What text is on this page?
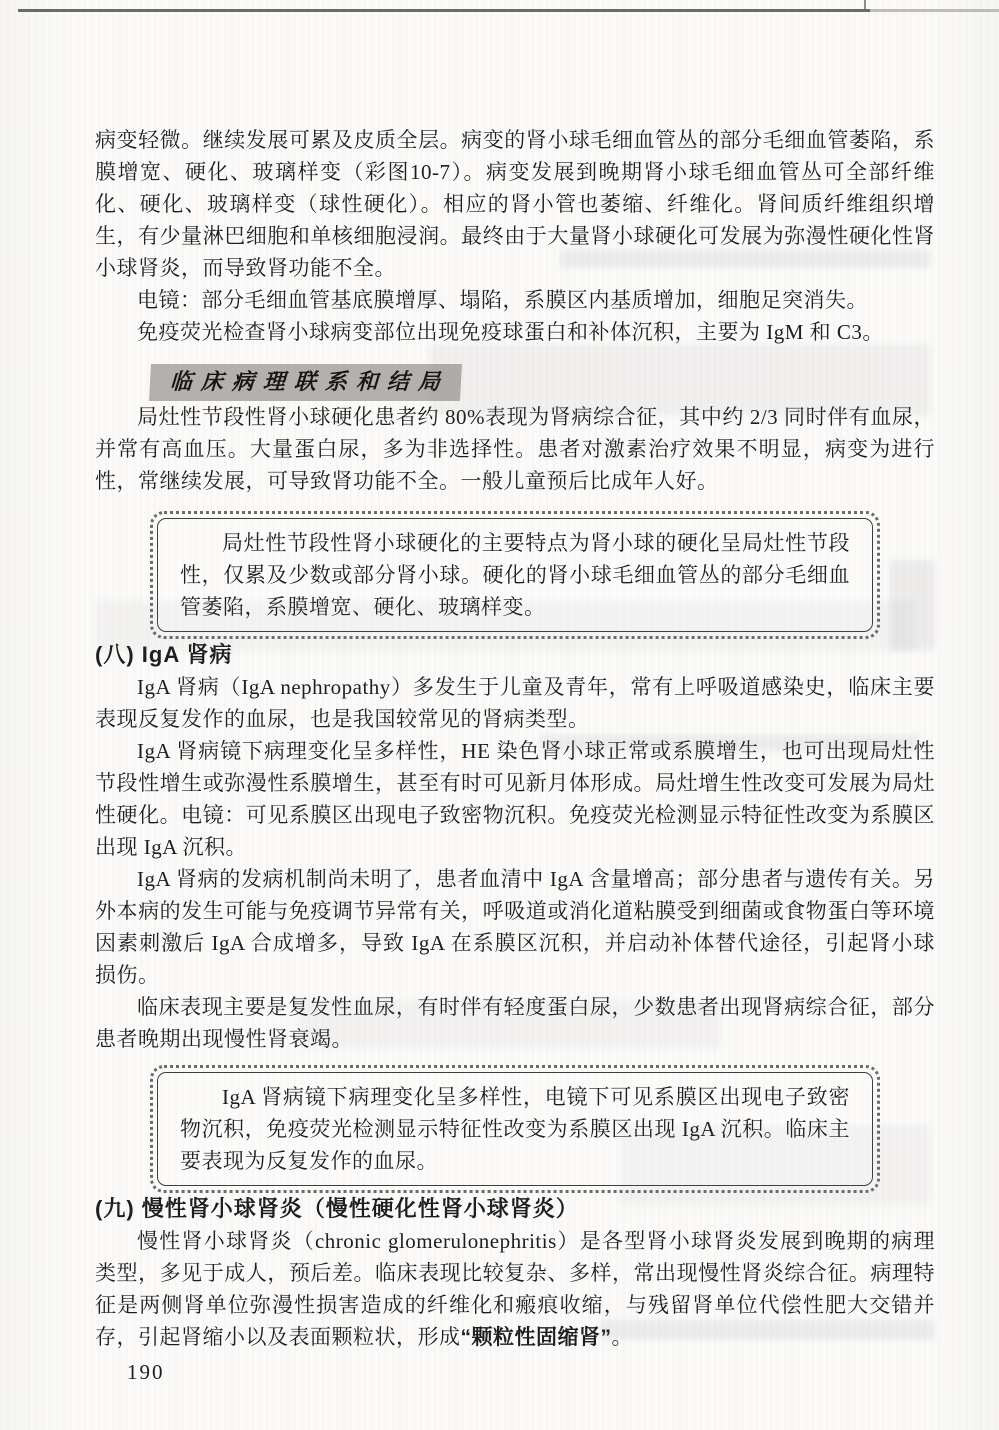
病变轻微。继续发展可累及皮质全层。病变的肾小球毛细血管丛的部分毛细血管萎陷，系膜增宽、硬化、玻璃样变（彩图10-7）。病变发展到晚期肾小球毛细血管丛可全部纤维化、硬化、玻璃样变（球性硬化）。相应的肾小管也萎缩、纤维化。肾间质纤维组织增生，有少量淋巴细胞和单核细胞浸润。最终由于大量肾小球硬化可发展为弥漫性硬化性肾小球肾炎，而导致肾功能不全。

电镜：部分毛细血管基底膜增厚、塌陷，系膜区内基质增加，细胞足突消失。

免疫荧光检查肾小球病变部位出现免疫球蛋白和补体沉积，主要为 IgM 和 C3。

临床病理联系和结局

局灶性节段性肾小球硬化患者约 80%表现为肾病综合征，其中约 2/3 同时伴有血尿，并常有高血压。大量蛋白尿，多为非选择性。患者对激素治疗效果不明显，病变为进行性，常继续发展，可导致肾功能不全。一般儿童预后比成年人好。

局灶性节段性肾小球硬化的主要特点为肾小球的硬化呈局灶性节段性，仅累及少数或部分肾小球。硬化的肾小球毛细血管丛的部分毛细血管萎陷，系膜增宽、硬化、玻璃样变。

(八) IgA 肾病

IgA 肾病（IgA nephropathy）多发生于儿童及青年，常有上呼吸道感染史，临床主要表现反复发作的血尿，也是我国较常见的肾病类型。

IgA 肾病镜下病理变化呈多样性，HE 染色肾小球正常或系膜增生，也可出现局灶性节段性增生或弥漫性系膜增生，甚至有时可见新月体形成。局灶增生性改变可发展为局灶性硬化。电镜：可见系膜区出现电子致密物沉积。免疫荧光检测显示特征性改变为系膜区出现 IgA 沉积。

IgA 肾病的发病机制尚未明了，患者血清中 IgA 含量增高；部分患者与遗传有关。另外本病的发生可能与免疫调节异常有关，呼吸道或消化道粘膜受到细菌或食物蛋白等环境因素刺激后 IgA 合成增多，导致 IgA 在系膜区沉积，并启动补体替代途径，引起肾小球损伤。

临床表现主要是复发性血尿，有时伴有轻度蛋白尿，少数患者出现肾病综合征，部分患者晚期出现慢性肾衰竭。

IgA 肾病镜下病理变化呈多样性，电镜下可见系膜区出现电子致密物沉积，免疫荧光检测显示特征性改变为系膜区出现 IgA 沉积。临床主要表现为反复发作的血尿。

(九) 慢性肾小球肾炎（慢性硬化性肾小球肾炎）

慢性肾小球肾炎（chronic glomerulonephritis）是各型肾小球肾炎发展到晚期的病理类型，多见于成人，预后差。临床表现比较复杂、多样，常出现慢性肾炎综合征。病理特征是两侧肾单位弥漫性损害造成的纤维化和瘢痕收缩，与残留肾单位代偿性肥大交错并存，引起肾缩小以及表面颗粒状，形成“颗粒性固缩肾”。

190
